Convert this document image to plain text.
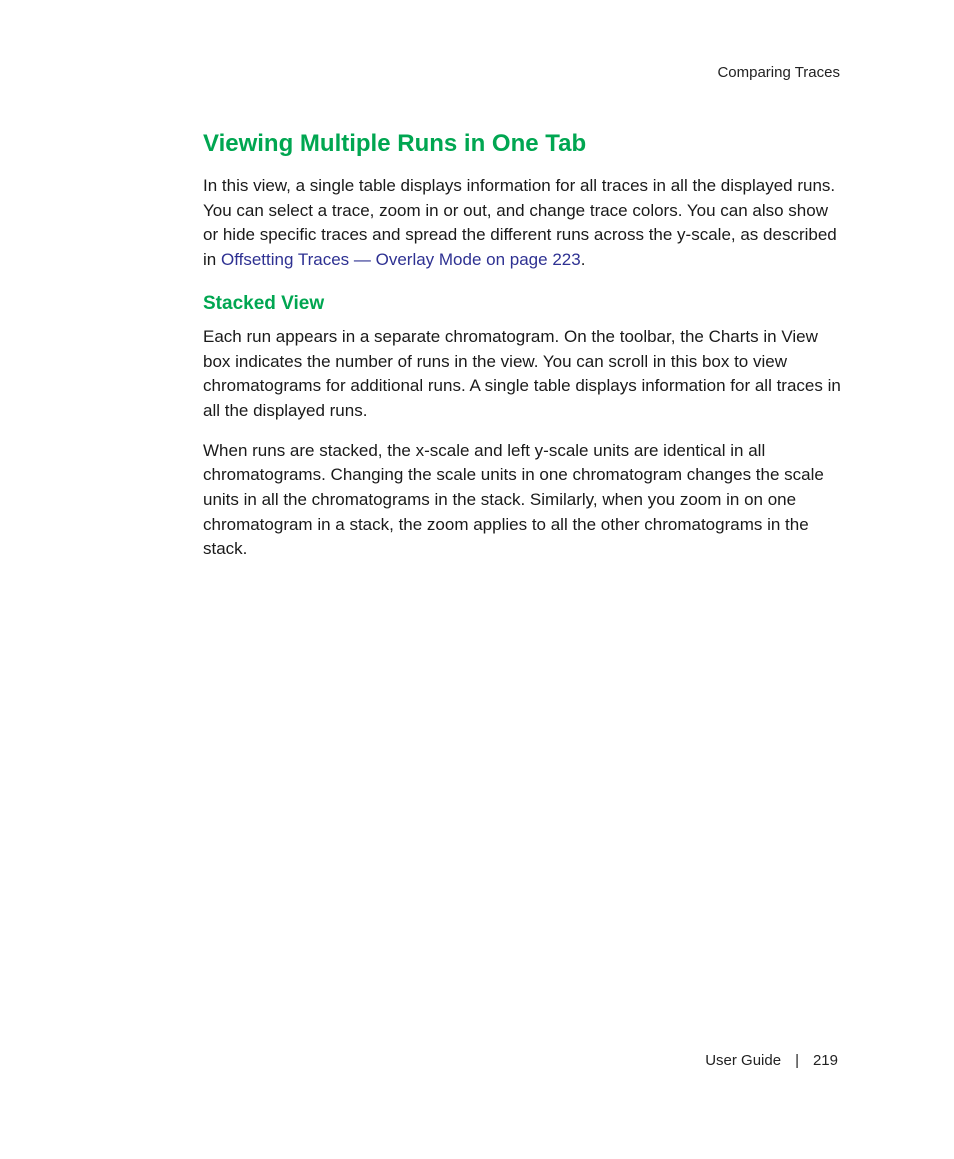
Comparing Traces
Viewing Multiple Runs in One Tab

In this view, a single table displays information for all traces in all the displayed runs. You can select a trace, zoom in or out, and change trace colors. You can also show or hide specific traces and spread the different runs across the y-scale, as described in Offsetting Traces — Overlay Mode on page 223.

Stacked View

Each run appears in a separate chromatogram. On the toolbar, the Charts in View box indicates the number of runs in the view. You can scroll in this box to view chromatograms for additional runs. A single table displays information for all traces in all the displayed runs.

When runs are stacked, the x-scale and left y-scale units are identical in all chromatograms. Changing the scale units in one chromatogram changes the scale units in all the chromatograms in the stack. Similarly, when you zoom in on one chromatogram in a stack, the zoom applies to all the other chromatograms in the stack.

User Guide | 219
